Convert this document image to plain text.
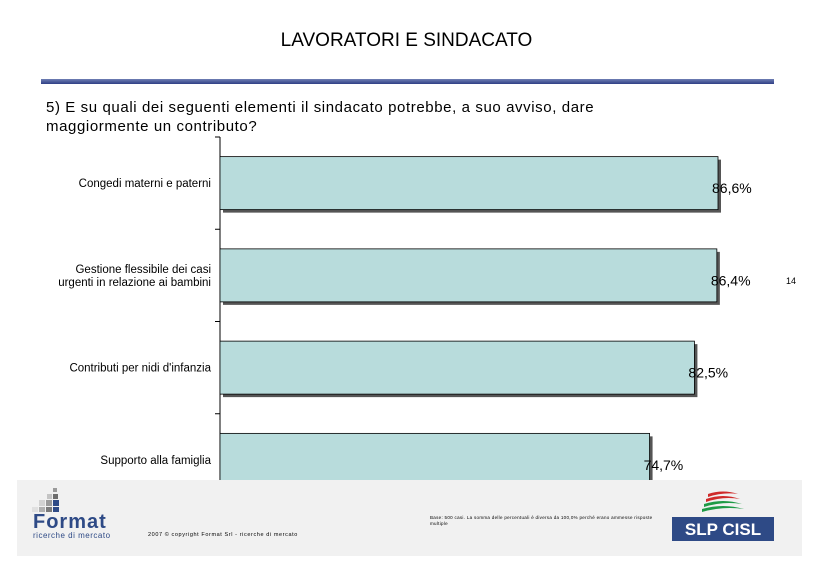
LAVORATORI E SINDACATO
5) E su quali dei seguenti elementi il sindacato potrebbe, a suo avviso, dare maggiormente un contributo?
86,6%
Congedi materni e paterni
86,4%
Gestione flessibile dei casi urgenti in relazione ai bambini
82,5%
Contributi per nidi d'infanzia
74,7%
Supporto alla famiglia
14
Format
ricerche di mercato	2007 © copyright Format Srl - ricerche di mercato
Base: 500 casi. La somma delle percentuali è diversa da 100,0% perché erano ammesse risposte multiple	SLP CISL
